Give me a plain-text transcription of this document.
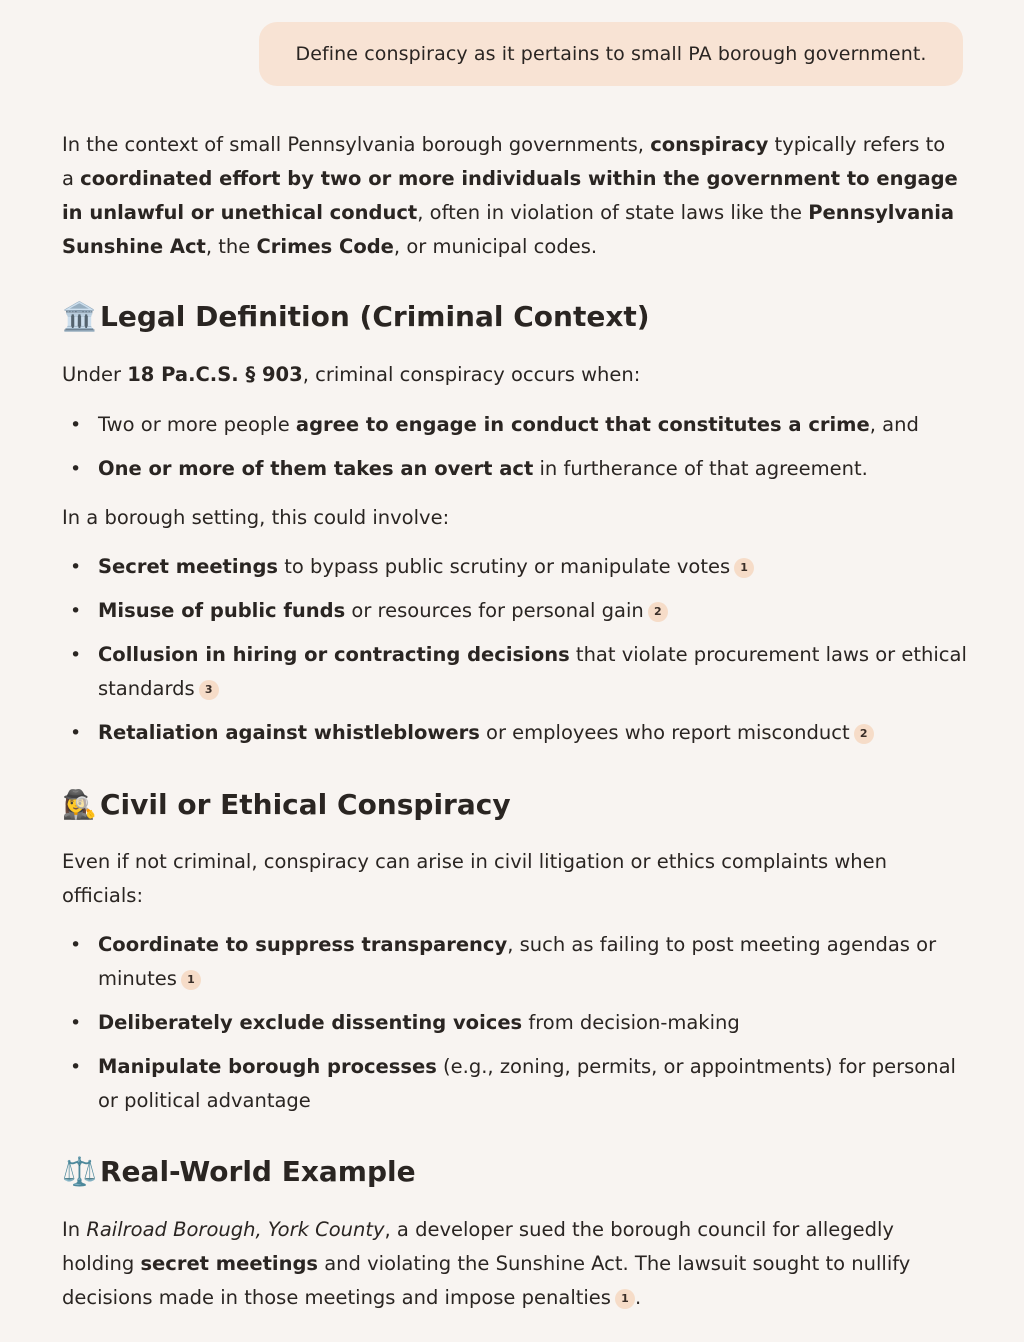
Define conspiracy as it pertains to small PA borough government.

In the context of small Pennsylvania borough governments, conspiracy typically refers to a coordinated effort by two or more individuals within the government to engage in unlawful or unethical conduct, often in violation of state laws like the Pennsylvania Sunshine Act, the Crimes Code, or municipal codes.

🏛️ Legal Definition (Criminal Context)

Under 18 Pa.C.S. § 903, criminal conspiracy occurs when:

• Two or more people agree to engage in conduct that constitutes a crime, and

• One or more of them takes an overt act in furtherance of that agreement.

In a borough setting, this could involve:

• Secret meetings to bypass public scrutiny or manipulate votes 1

• Misuse of public funds or resources for personal gain 2

• Collusion in hiring or contracting decisions that violate procurement laws or ethical standards 3

• Retaliation against whistleblowers or employees who report misconduct 2

🕵️‍♀️ Civil or Ethical Conspiracy

Even if not criminal, conspiracy can arise in civil litigation or ethics complaints when officials:

• Coordinate to suppress transparency, such as failing to post meeting agendas or minutes 1

• Deliberately exclude dissenting voices from decision-making

• Manipulate borough processes (e.g., zoning, permits, or appointments) for personal or political advantage

⚖️ Real-World Example

In Railroad Borough, York County, a developer sued the borough council for allegedly holding secret meetings and violating the Sunshine Act. The lawsuit sought to nullify decisions made in those meetings and impose penalties 1 .
